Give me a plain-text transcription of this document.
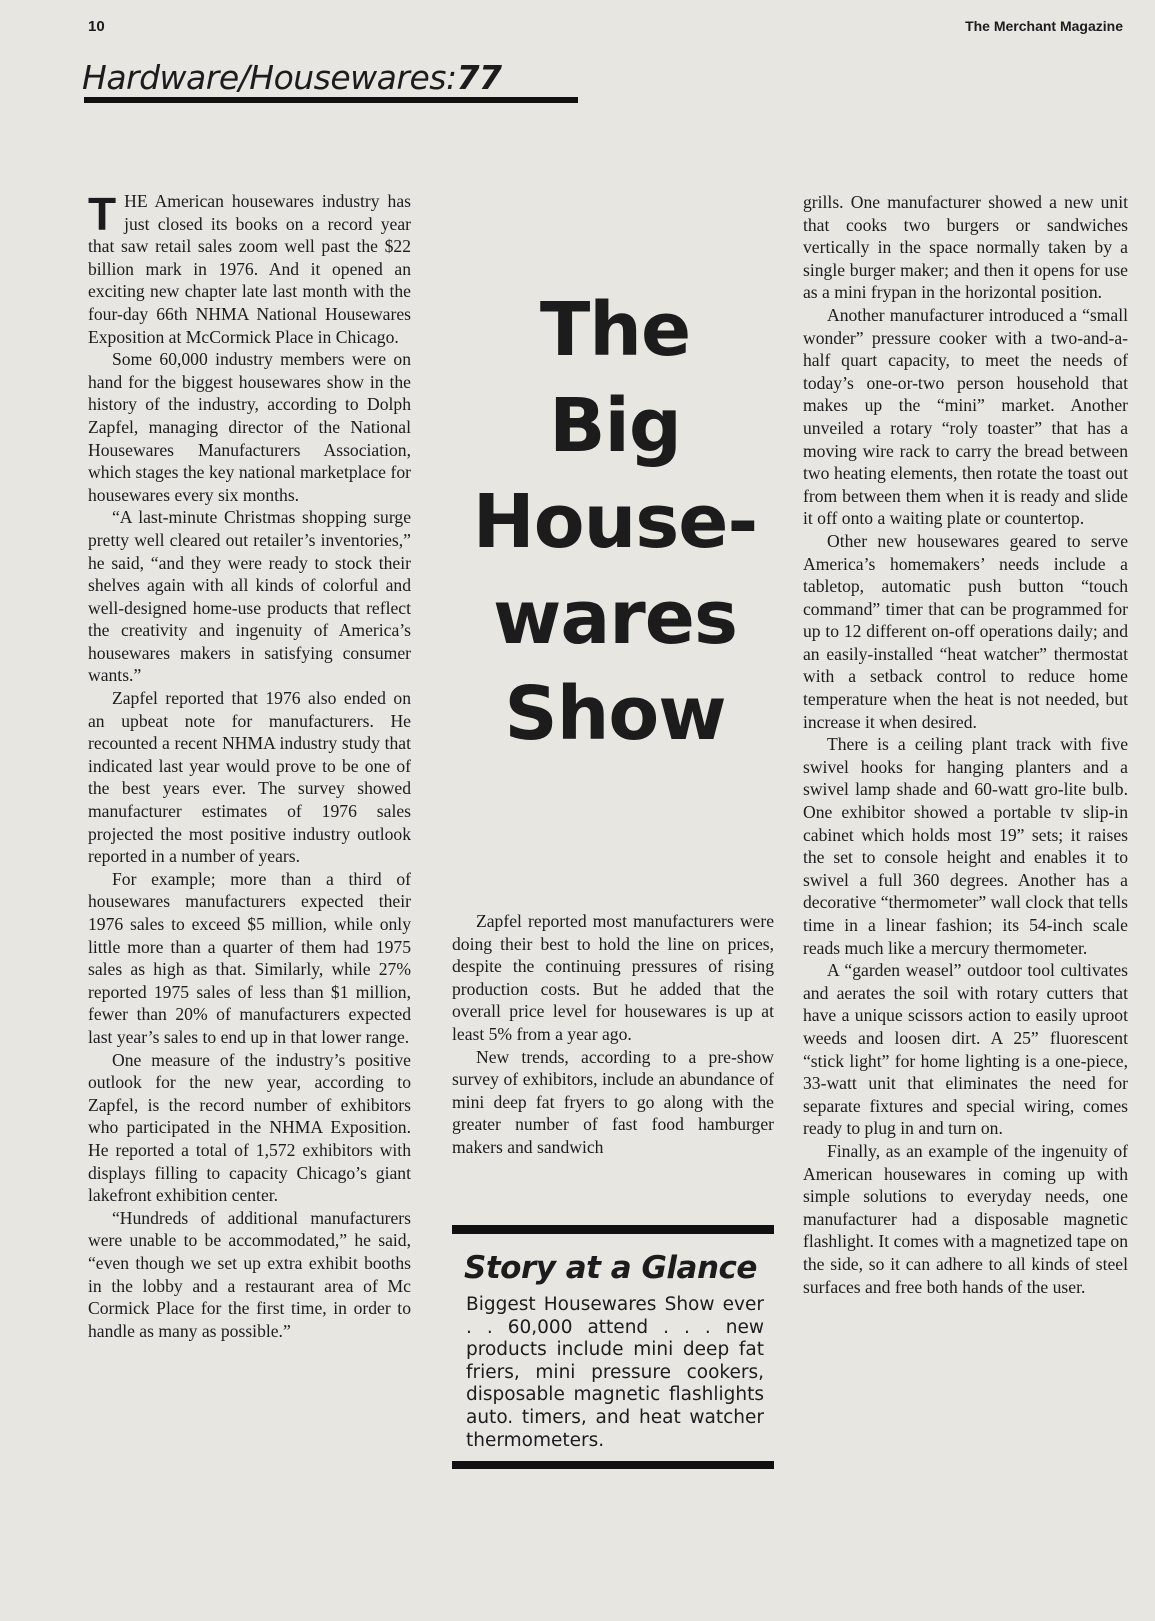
10	The Merchant Magazine
Hardware/Housewares:77

THE American housewares industry has just closed its books on a record year that saw retail sales zoom well past the $22 billion mark in 1976. And it opened an exciting new chapter late last month with the four-day 66th NHMA National Housewares Exposition at McCormick Place in Chicago.

Some 60,000 industry members were on hand for the biggest housewares show in the history of the industry, according to Dolph Zapfel, managing director of the National Housewares Manufacturers Association, which stages the key national marketplace for housewares every six months.

“A last-minute Christmas shopping surge pretty well cleared out retailer’s inventories,” he said, “and they were ready to stock their shelves again with all kinds of colorful and well-designed home-use products that reflect the creativity and ingenuity of America’s housewares makers in satisfying consumer wants.”

Zapfel reported that 1976 also ended on an upbeat note for manufacturers. He recounted a recent NHMA industry study that indicated last year would prove to be one of the best years ever. The survey showed manufacturer estimates of 1976 sales projected the most positive industry outlook reported in a number of years.

For example; more than a third of housewares manufacturers expected their 1976 sales to exceed $5 million, while only little more than a quarter of them had 1975 sales as high as that. Similarly, while 27% reported 1975 sales of less than $1 million, fewer than 20% of manufacturers expected last year’s sales to end up in that lower range.

One measure of the industry’s positive outlook for the new year, according to Zapfel, is the record number of exhibitors who participated in the NHMA Exposition. He reported a total of 1,572 exhibitors with displays filling to capacity Chicago’s giant lakefront exhibition center.

“Hundreds of additional manufacturers were unable to be accommodated,” he said, “even though we set up extra exhibit booths in the lobby and a restaurant area of Mc Cormick Place for the first time, in order to handle as many as possible.”

The
Big
House-
wares
Show

Zapfel reported most manufacturers were doing their best to hold the line on prices, despite the continuing pressures of rising production costs. But he added that the overall price level for housewares is up at least 5% from a year ago.

New trends, according to a pre-show survey of exhibitors, include an abundance of mini deep fat fryers to go along with the greater number of fast food hamburger makers and sandwich

Story at a Glance
Biggest Housewares Show ever . . 60,000 attend . . . new products include mini deep fat friers, mini pressure cookers, disposable magnetic flashlights auto. timers, and heat watcher thermometers.

grills. One manufacturer showed a new unit that cooks two burgers or sandwiches vertically in the space normally taken by a single burger maker; and then it opens for use as a mini frypan in the horizontal position.

Another manufacturer introduced a “small wonder” pressure cooker with a two-and-a-half quart capacity, to meet the needs of today’s one-or-two person household that makes up the “mini” market. Another unveiled a rotary “roly toaster” that has a moving wire rack to carry the bread between two heating elements, then rotate the toast out from between them when it is ready and slide it off onto a waiting plate or countertop.

Other new housewares geared to serve America’s homemakers’ needs include a tabletop, automatic push button “touch command” timer that can be programmed for up to 12 different on-off operations daily; and an easily-installed “heat watcher” thermostat with a setback control to reduce home temperature when the heat is not needed, but increase it when desired.

There is a ceiling plant track with five swivel hooks for hanging planters and a swivel lamp shade and 60-watt gro-lite bulb. One exhibitor showed a portable tv slip-in cabinet which holds most 19” sets; it raises the set to console height and enables it to swivel a full 360 degrees. Another has a decorative “thermometer” wall clock that tells time in a linear fashion; its 54-inch scale reads much like a mercury thermometer.

A “garden weasel” outdoor tool cultivates and aerates the soil with rotary cutters that have a unique scissors action to easily uproot weeds and loosen dirt. A 25” fluorescent “stick light” for home lighting is a one-piece, 33-watt unit that eliminates the need for separate fixtures and special wiring, comes ready to plug in and turn on.

Finally, as an example of the ingenuity of American housewares in coming up with simple solutions to everyday needs, one manufacturer had a disposable magnetic flashlight. It comes with a magnetized tape on the side, so it can adhere to all kinds of steel surfaces and free both hands of the user.
